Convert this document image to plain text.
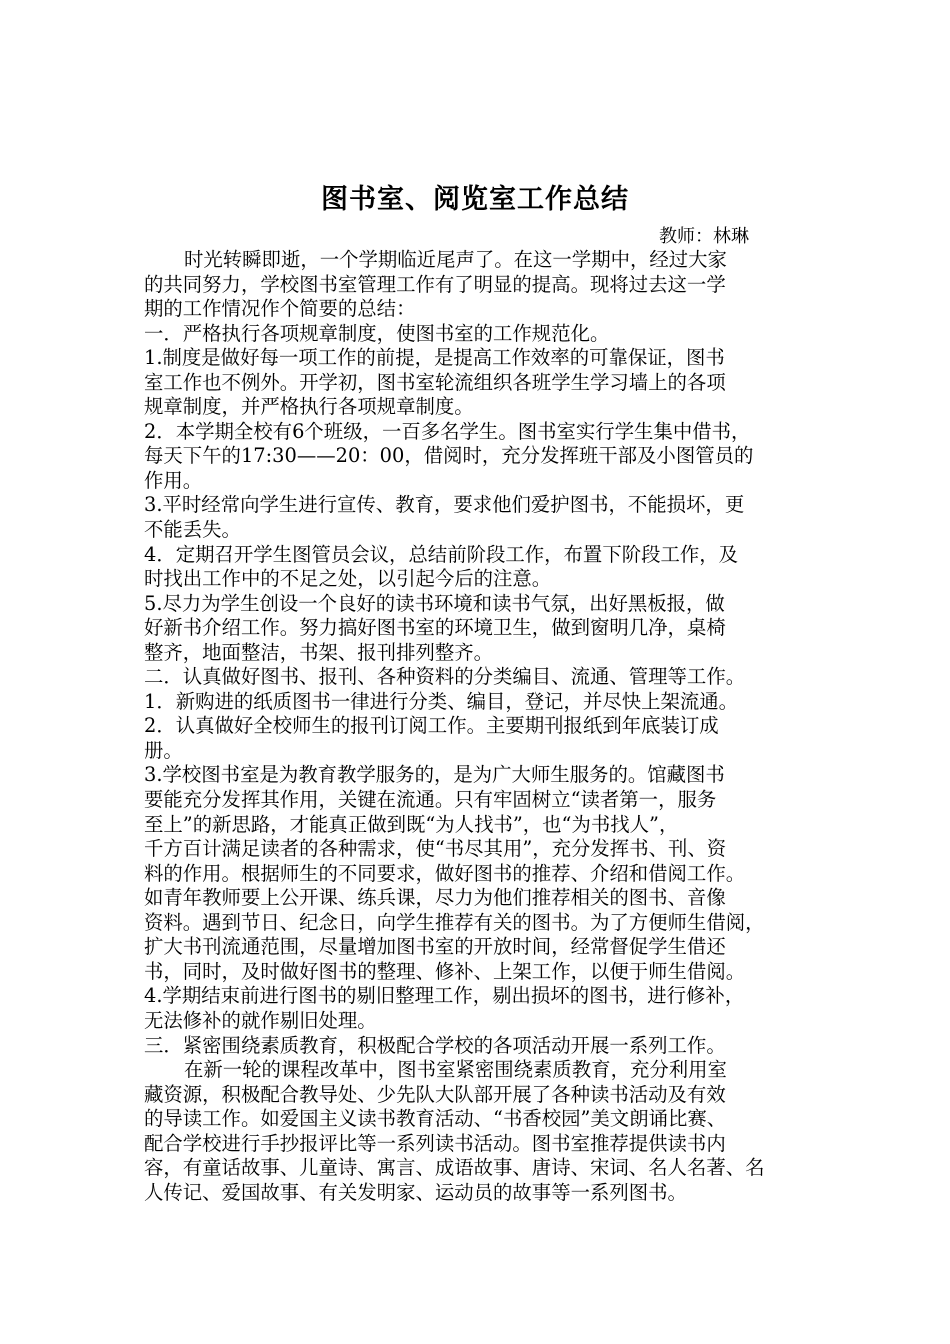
图书室、阅览室工作总结
教师：林琳
时光转瞬即逝，一个学期临近尾声了。在这一学期中，经过大家
的共同努力，学校图书室管理工作有了明显的提高。现将过去这一学
期的工作情况作个简要的总结：
一．严格执行各项规章制度，使图书室的工作规范化。
1.制度是做好每一项工作的前提，是提高工作效率的可靠保证，图书
室工作也不例外。开学初，图书室轮流组织各班学生学习墙上的各项
规章制度，并严格执行各项规章制度。
2．本学期全校有6个班级，一百多名学生。图书室实行学生集中借书，
每天下午的17:30——20：00，借阅时，充分发挥班干部及小图管员的
作用。
3.平时经常向学生进行宣传、教育，要求他们爱护图书，不能损坏，更
不能丢失。
4．定期召开学生图管员会议，总结前阶段工作，布置下阶段工作，及
时找出工作中的不足之处，以引起今后的注意。
5.尽力为学生创设一个良好的读书环境和读书气氛，出好黑板报，做
好新书介绍工作。努力搞好图书室的环境卫生，做到窗明几净，桌椅
整齐，地面整洁，书架、报刊排列整齐。
二．认真做好图书、报刊、各种资料的分类编目、流通、管理等工作。
1．新购进的纸质图书一律进行分类、编目，登记，并尽快上架流通。
2．认真做好全校师生的报刊订阅工作。主要期刊报纸到年底装订成
册。
3.学校图书室是为教育教学服务的，是为广大师生服务的。馆藏图书
要能充分发挥其作用，关键在流通。只有牢固树立“读者第一，服务
至上”的新思路，才能真正做到既“为人找书”，也“为书找人”，
千方百计满足读者的各种需求，使“书尽其用”，充分发挥书、刊、资
料的作用。根据师生的不同要求，做好图书的推荐、介绍和借阅工作。
如青年教师要上公开课、练兵课，尽力为他们推荐相关的图书、音像
资料。遇到节日、纪念日，向学生推荐有关的图书。为了方便师生借阅，
扩大书刊流通范围，尽量增加图书室的开放时间，经常督促学生借还
书，同时，及时做好图书的整理、修补、上架工作，以便于师生借阅。
4.学期结束前进行图书的剔旧整理工作，剔出损坏的图书，进行修补，
无法修补的就作剔旧处理。
三．紧密围绕素质教育，积极配合学校的各项活动开展一系列工作。
在新一轮的课程改革中，图书室紧密围绕素质教育，充分利用室
藏资源，积极配合教导处、少先队大队部开展了各种读书活动及有效
的导读工作。如爱国主义读书教育活动、“书香校园”美文朗诵比赛、
配合学校进行手抄报评比等一系列读书活动。图书室推荐提供读书内
容，有童话故事、儿童诗、寓言、成语故事、唐诗、宋词、名人名著、名
人传记、爱国故事、有关发明家、运动员的故事等一系列图书。
